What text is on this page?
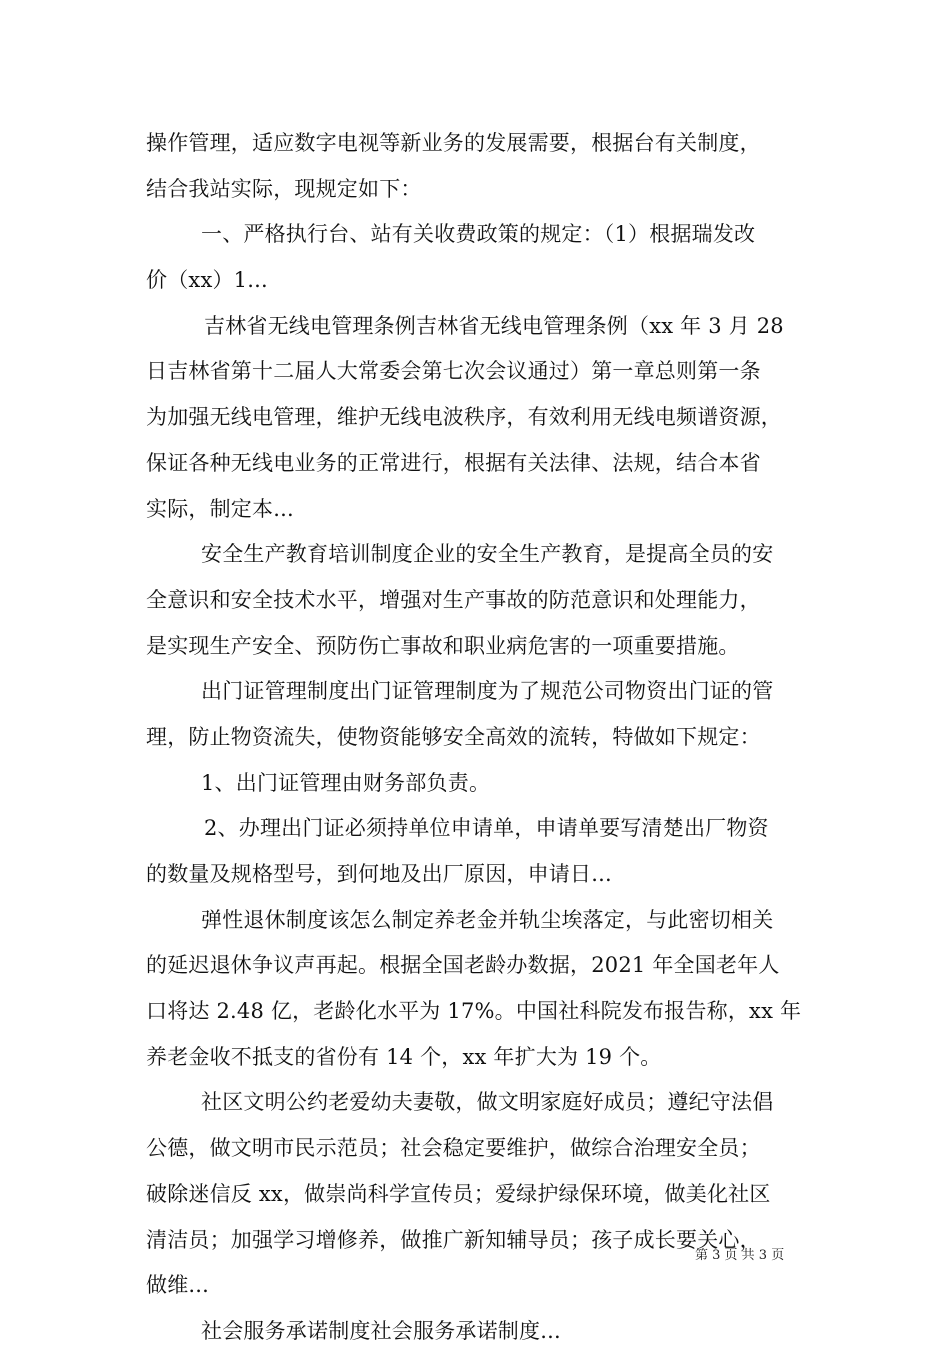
操作管理，适应数字电视等新业务的发展需要，根据台有关制度，
结合我站实际，现规定如下：
一、严格执行台、站有关收费政策的规定：（1）根据瑞发改
价（xx）1...
吉林省无线电管理条例吉林省无线电管理条例（xx 年 3 月 28
日吉林省第十二届人大常委会第七次会议通过）第一章总则第一条
为加强无线电管理，维护无线电波秩序，有效利用无线电频谱资源，
保证各种无线电业务的正常进行，根据有关法律、法规，结合本省
实际，制定本...
安全生产教育培训制度企业的安全生产教育，是提高全员的安
全意识和安全技术水平，增强对生产事故的防范意识和处理能力，
是实现生产安全、预防伤亡事故和职业病危害的一项重要措施。
出门证管理制度出门证管理制度为了规范公司物资出门证的管
理，防止物资流失，使物资能够安全高效的流转，特做如下规定：
1、出门证管理由财务部负责。
2、办理出门证必须持单位申请单，申请单要写清楚出厂物资
的数量及规格型号，到何地及出厂原因，申请日...
弹性退休制度该怎么制定养老金并轨尘埃落定，与此密切相关
的延迟退休争议声再起。根据全国老龄办数据，2021 年全国老年人
口将达 2.48 亿，老龄化水平为 17%。中国社科院发布报告称，xx 年
养老金收不抵支的省份有 14 个，xx 年扩大为 19 个。
社区文明公约老爱幼夫妻敬，做文明家庭好成员；遵纪守法倡
公德，做文明市民示范员；社会稳定要维护，做综合治理安全员；
破除迷信反 xx，做崇尚科学宣传员；爱绿护绿保环境，做美化社区
清洁员；加强学习增修养，做推广新知辅导员；孩子成长要关心，
做维...
社会服务承诺制度社会服务承诺制度...
第 3 页 共 3 页
